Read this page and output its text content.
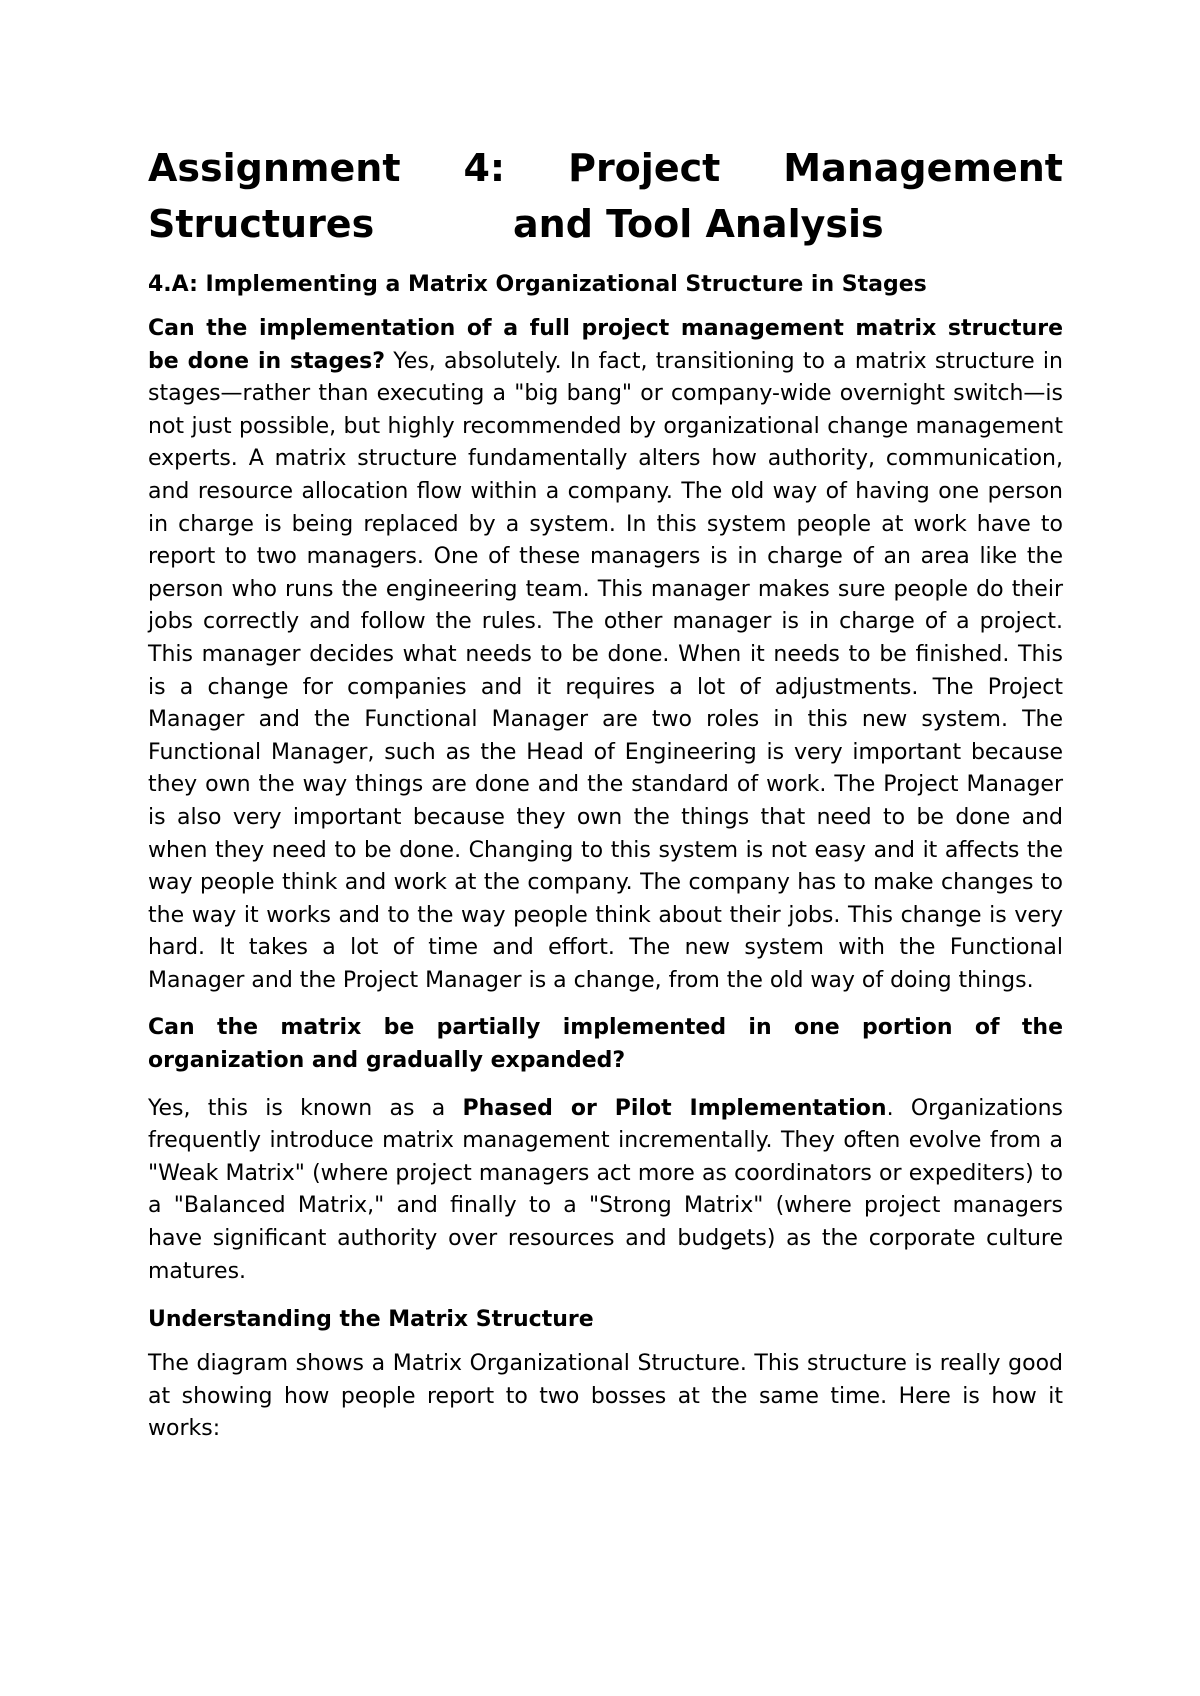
Assignment 4: Project Management
Structures	and Tool Analysis
4.A: Implementing a Matrix Organizational Structure in Stages

Can the implementation of a full project management matrix structure be done in stages? Yes, absolutely. In fact, transitioning to a matrix structure in stages—rather than executing a "big bang" or company-wide overnight switch—is not just possible, but highly recommended by organizational change management experts. A matrix structure fundamentally alters how authority, communication, and resource allocation flow within a company. The old way of having one person in charge is being replaced by a system. In this system people at work have to report to two managers. One of these managers is in charge of an area like the person who runs the engineering team. This manager makes sure people do their jobs correctly and follow the rules. The other manager is in charge of a project. This manager decides what needs to be done. When it needs to be finished. This is a change for companies and it requires a lot of adjustments. The Project Manager and the Functional Manager are two roles in this new system. The Functional Manager, such as the Head of Engineering is very important because they own the way things are done and the standard of work. The Project Manager is also very important because they own the things that need to be done and when they need to be done. Changing to this system is not easy and it affects the way people think and work at the company. The company has to make changes to the way it works and to the way people think about their jobs. This change is very hard. It takes a lot of time and effort. The new system with the Functional Manager and the Project Manager is a change, from the old way of doing things.

Can the matrix be partially implemented in one portion of the organization and gradually expanded?

Yes, this is known as a Phased or Pilot Implementation. Organizations frequently introduce matrix management incrementally. They often evolve from a "Weak Matrix" (where project managers act more as coordinators or expediters) to a "Balanced Matrix," and finally to a "Strong Matrix" (where project managers have significant authority over resources and budgets) as the corporate culture matures.

Understanding the Matrix Structure

The diagram shows a Matrix Organizational Structure. This structure is really good at showing how people report to two bosses at the same time. Here is how it works:
